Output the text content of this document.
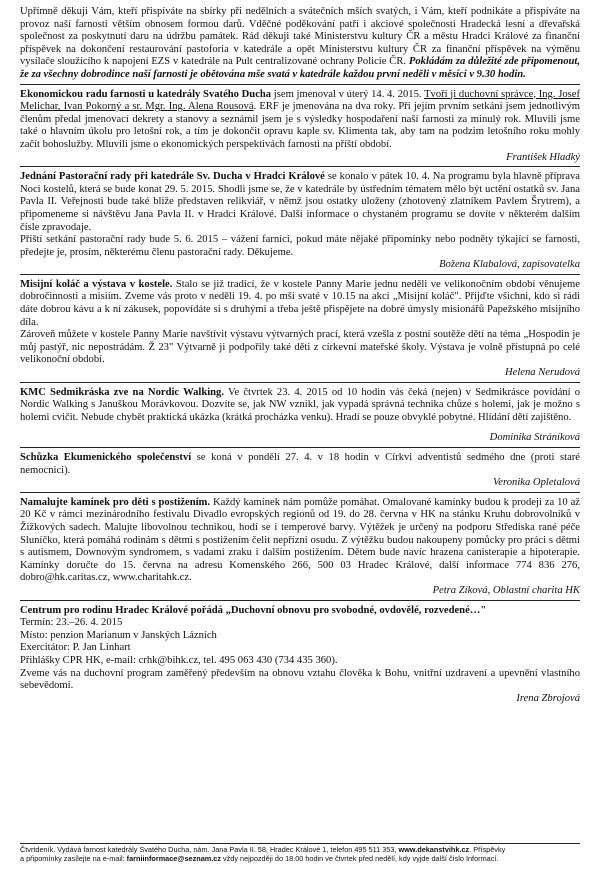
Upřímně děkuji Vám, kteří přispíváte na sbírky při nedělních a svátečních mších svatých, i Vám, kteří podnikáte a přispíváte na provoz naší farnosti větším obnosem formou darů. Vděčné poděkování patří i akciové společnosti Hradecká lesní a dřevařská společnost za poskytnutí daru na údržbu památek. Rád děkuji také Ministerstvu kultury ČR a městu Hradci Králové za finanční příspěvek na dokončení restaurování pastoforia v katedrále a opět Ministerstvu kultury ČR za finanční příspěvek na výměnu vysílače sloužícího k napojení EZS v katedrále na Pult centralizované ochrany Policie ČR. Pokládám za důležité zde připomenout, že za všechny dobrodince naší farnosti je obětována mše svatá v katedrále každou první neděli v měsíci v 9.30 hodin.

Ekonomickou radu farnosti u katedrály Svatého Ducha jsem jmenoval v úterý 14. 4. 2015. Tvoří ji duchovní správce, Ing. Josef Melichar, Ivan Pokorný a sr. Mgr. Ing. Alena Rousová. ERF je jmenována na dva roky. Při jejím prvním setkání jsem jednotlivým členům předal jmenovací dekrety a stanovy a seznámil jsem je s výsledky hospodaření naší farnosti za minulý rok. Mluvili jsme také o hlavním úkolu pro letošní rok, a tím je dokončit opravu kaple sv. Klimenta tak, aby tam na podzim letošního roku mohly začít bohoslužby. Mluvili jsme o ekonomických perspektivách farnosti na příští období.

František Hladký

Jednání Pastorační rady při katedrále Sv. Ducha v Hradci Králové se konalo v pátek 10. 4. Na programu byla hlavně příprava Noci kostelů, která se bude konat 29. 5. 2015. Shodli jsme se, že v katedrále by ústředním tématem mělo být uctění ostatků sv. Jana Pavla II. Veřejnosti bude také blíže představen relikviář, v němž jsou ostatky uloženy (zhotovený zlatníkem Pavlem Šrytrem), a připomeneme si návštěvu Jana Pavla II. v Hradci Králové. Další informace o chystaném programu se dovíte v některém dalším čísle zpravodaje.

Příští setkání pastorační rady bude 5. 6. 2015 – vážení farníci, pokud máte nějaké připomínky nebo podněty týkající se farnosti, předejte je, prosím, některému členu pastorační rady. Děkujeme.

Božena Klabalová, zapisovatelka

Misijní koláč a výstava v kostele. Stalo se již tradicí, že v kostele Panny Marie jednu neděli ve velikonočním období věnujeme dobročinnosti a misiím. Zveme vás proto v neděli 19. 4. po mši svaté v 10.15 na akci „Misijní koláč". Přijďte všichni, kdo si rádi dáte dobrou kávu a k ní zákusek, popovídáte si s druhými a třeba ještě přispějete na dobré úmysly misionářů Papežského misijního díla.

Zároveň můžete v kostele Panny Marie navštívit výstavu výtvarných prací, která vzešla z postní soutěže dětí na téma „Hospodin je můj pastýř, nic nepostrádám. Ž 23" Výtvarně ji podpořily také děti z církevní mateřské školy. Výstava je volně přístupná po celé velikonoční období.

Helena Nerudová

KMC Sedmikráska zve na Nordic Walking. Ve čtvrtek 23. 4. 2015 od 10 hodin vás čeká (nejen) v Sedmikrásce povídání o Nordic Walking s Januškou Morávkovou. Dozvíte se, jak NW vznikl, jak vypadá správná technika chůze s holemi, jak je možno s holemi cvičit. Nebude chybět praktická ukázka (krátká procházka venku). Hradí se pouze obvyklé pobytné. Hlídání dětí zajištěno.

Dominika Stráníková

Schůzka Ekumenického společenství se koná v pondělí 27. 4. v 18 hodin v Církvi adventistů sedmého dne (proti staré nemocnici).

Veronika Opletalová

Namalujte kamínek pro děti s postižením. Každý kamínek nám pomůže pomáhat. Omalované kamínky budou k prodeji za 10 až 20 Kč v rámci mezinárodního festivalu Divadlo evropských regionů od 19. do 28. června v HK na stánku Kruhu dobrovolníků v Žižkových sadech. Malujte libovolnou technikou, hodí se i temperové barvy. Výtěžek je určený na podporu Střediska rané péče Sluníčko, která pomáhá rodinám s dětmi s postižením čelit nepřízni osudu. Z výtěžku budou nakoupeny pomůcky pro práci s dětmi s autismem, Downovým syndromem, s vadami zraku i dalším postižením. Dětem bude navíc hrazena canisterapie a hipoterapie. Kamínky doručte do 15. června na adresu Komenského 266, 500 03 Hradec Králové, další informace 774 836 276, dobro@hk.caritas.cz, www.charitahk.cz.

Petra Zíková, Oblastní charita HK

Centrum pro rodinu Hradec Králové pořádá „Duchovní obnovu pro svobodné, ovdovělé, rozvedené…"

Termín: 23.–26. 4. 2015

Místo: penzion Marianum v Janských Lázních

Exercitátor: P. Jan Linhart

Přihlášky CPR HK, e-mail: crhk@bihk.cz, tel. 495 063 430 (734 435 360).

Zveme vás na duchovní program zaměřený především na obnovu vztahu člověka k Bohu, vnitřní uzdravení a upevnění vlastního sebevědomí.

Irena Zbrojová

Čtvrtdeník. Vydává farnost katedrály Svatého Ducha, nám. Jana Pavla II. 58, Hradec Králové 1, telefon 495 511 353, www.dekanstvihk.cz. Příspěvky
a připomínky zasílejte na e-mail: farniinformace@seznam.cz vždy nejpozději do 18.00 hodin ve čtvrtek před nedělí, kdy vyjde další číslo Informací.
